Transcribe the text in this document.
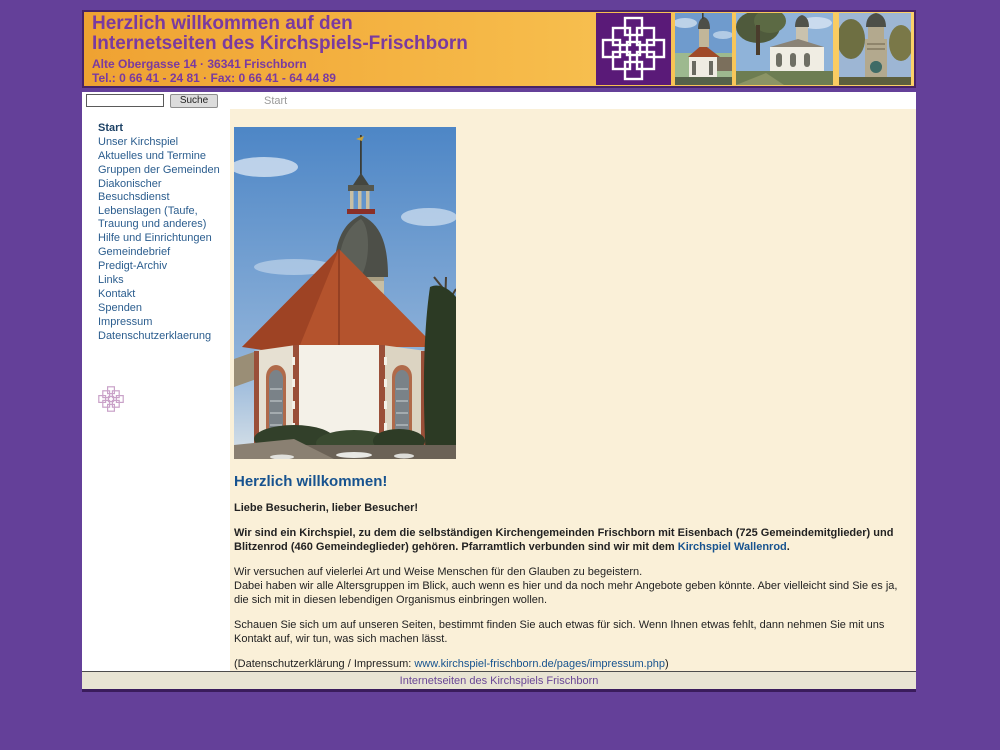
Herzlich willkommen auf den
Internetseiten des Kirchspiels-Frischborn
Alte Obergasse 14 · 36341 Frischborn
Tel.: 0 66 41 - 24 81 · Fax: 0 66 41 - 64 44 89
Suche	Start
Start
Unser Kirchspiel
Aktuelles und Termine
Gruppen der Gemeinden
Diakonischer Besuchsdienst
Lebenslagen (Taufe, Trauung und anderes)
Hilfe und Einrichtungen
Gemeindebrief
Predigt-Archiv
Links
Kontakt
Spenden
Impressum
Datenschutzerklaerung
Herzlich willkommen!

Liebe Besucherin, lieber Besucher!

Wir sind ein Kirchspiel, zu dem die selbständigen Kirchengemeinden Frischborn mit Eisenbach (725 Gemeindemitglieder) und Blitzenrod (460 Gemeindeglieder) gehören. Pfarramtlich verbunden sind wir mit dem Kirchspiel Wallenrod.

Wir versuchen auf vielerlei Art und Weise Menschen für den Glauben zu begeistern.
Dabei haben wir alle Altersgruppen im Blick, auch wenn es hier und da noch mehr Angebote geben könnte. Aber vielleicht sind Sie es ja, die sich mit in diesen lebendigen Organismus einbringen wollen.

Schauen Sie sich um auf unseren Seiten, bestimmt finden Sie auch etwas für sich. Wenn Ihnen etwas fehlt, dann nehmen Sie mit uns Kontakt auf, wir tun, was sich machen lässt.

(Datenschutzerklärung / Impressum: www.kirchspiel-frischborn.de/pages/impressum.php)

Internetseiten des Kirchspiels Frischborn
